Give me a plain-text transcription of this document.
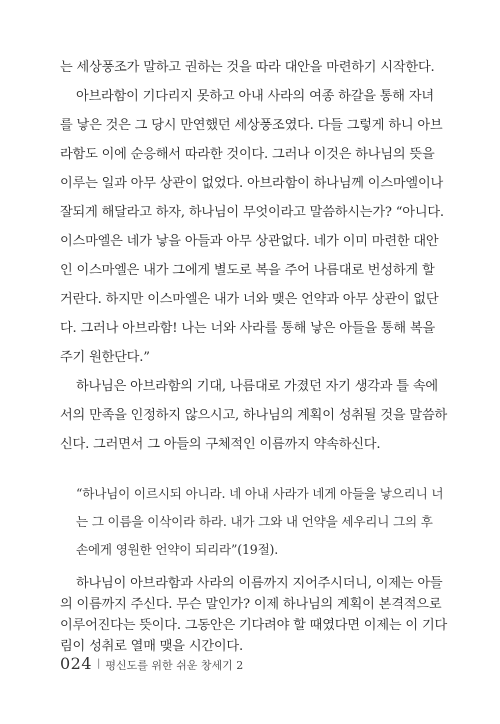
는 세상풍조가 말하고 권하는 것을 따라 대안을 마련하기 시작한다.
아브라함이 기다리지 못하고 아내 사라의 여종 하갈을 통해 자녀
를 낳은 것은 그 당시 만연했던 세상풍조였다. 다들 그렇게 하니 아브
라함도 이에 순응해서 따라한 것이다. 그러나 이것은 하나님의 뜻을
이루는 일과 아무 상관이 없었다. 아브라함이 하나님께 이스마엘이나
잘되게 해달라고 하자, 하나님이 무엇이라고 말씀하시는가? “아니다.
이스마엘은 네가 낳을 아들과 아무 상관없다. 네가 이미 마련한 대안
인 이스마엘은 내가 그에게 별도로 복을 주어 나름대로 번성하게 할
거란다. 하지만 이스마엘은 내가 너와 맺은 언약과 아무 상관이 없단
다. 그러나 아브라함! 나는 너와 사라를 통해 낳은 아들을 통해 복을
주기 원한단다.”
하나님은 아브라함의 기대, 나름대로 가졌던 자기 생각과 틀 속에
서의 만족을 인정하지 않으시고, 하나님의 계획이 성취될 것을 말씀하
신다. 그러면서 그 아들의 구체적인 이름까지 약속하신다.
“하나님이 이르시되 아니라. 네 아내 사라가 네게 아들을 낳으리니 너
는 그 이름을 이삭이라 하라. 내가 그와 내 언약을 세우리니 그의 후
손에게 영원한 언약이 되리라”(19절).
하나님이 아브라함과 사라의 이름까지 지어주시더니, 이제는 아들
의 이름까지 주신다. 무슨 말인가? 이제 하나님의 계획이 본격적으로
이루어진다는 뜻이다. 그동안은 기다려야 할 때였다면 이제는 이 기다
림이 성취로 열매 맺을 시간이다.
024 | 평신도를 위한 쉬운 창세기 2
